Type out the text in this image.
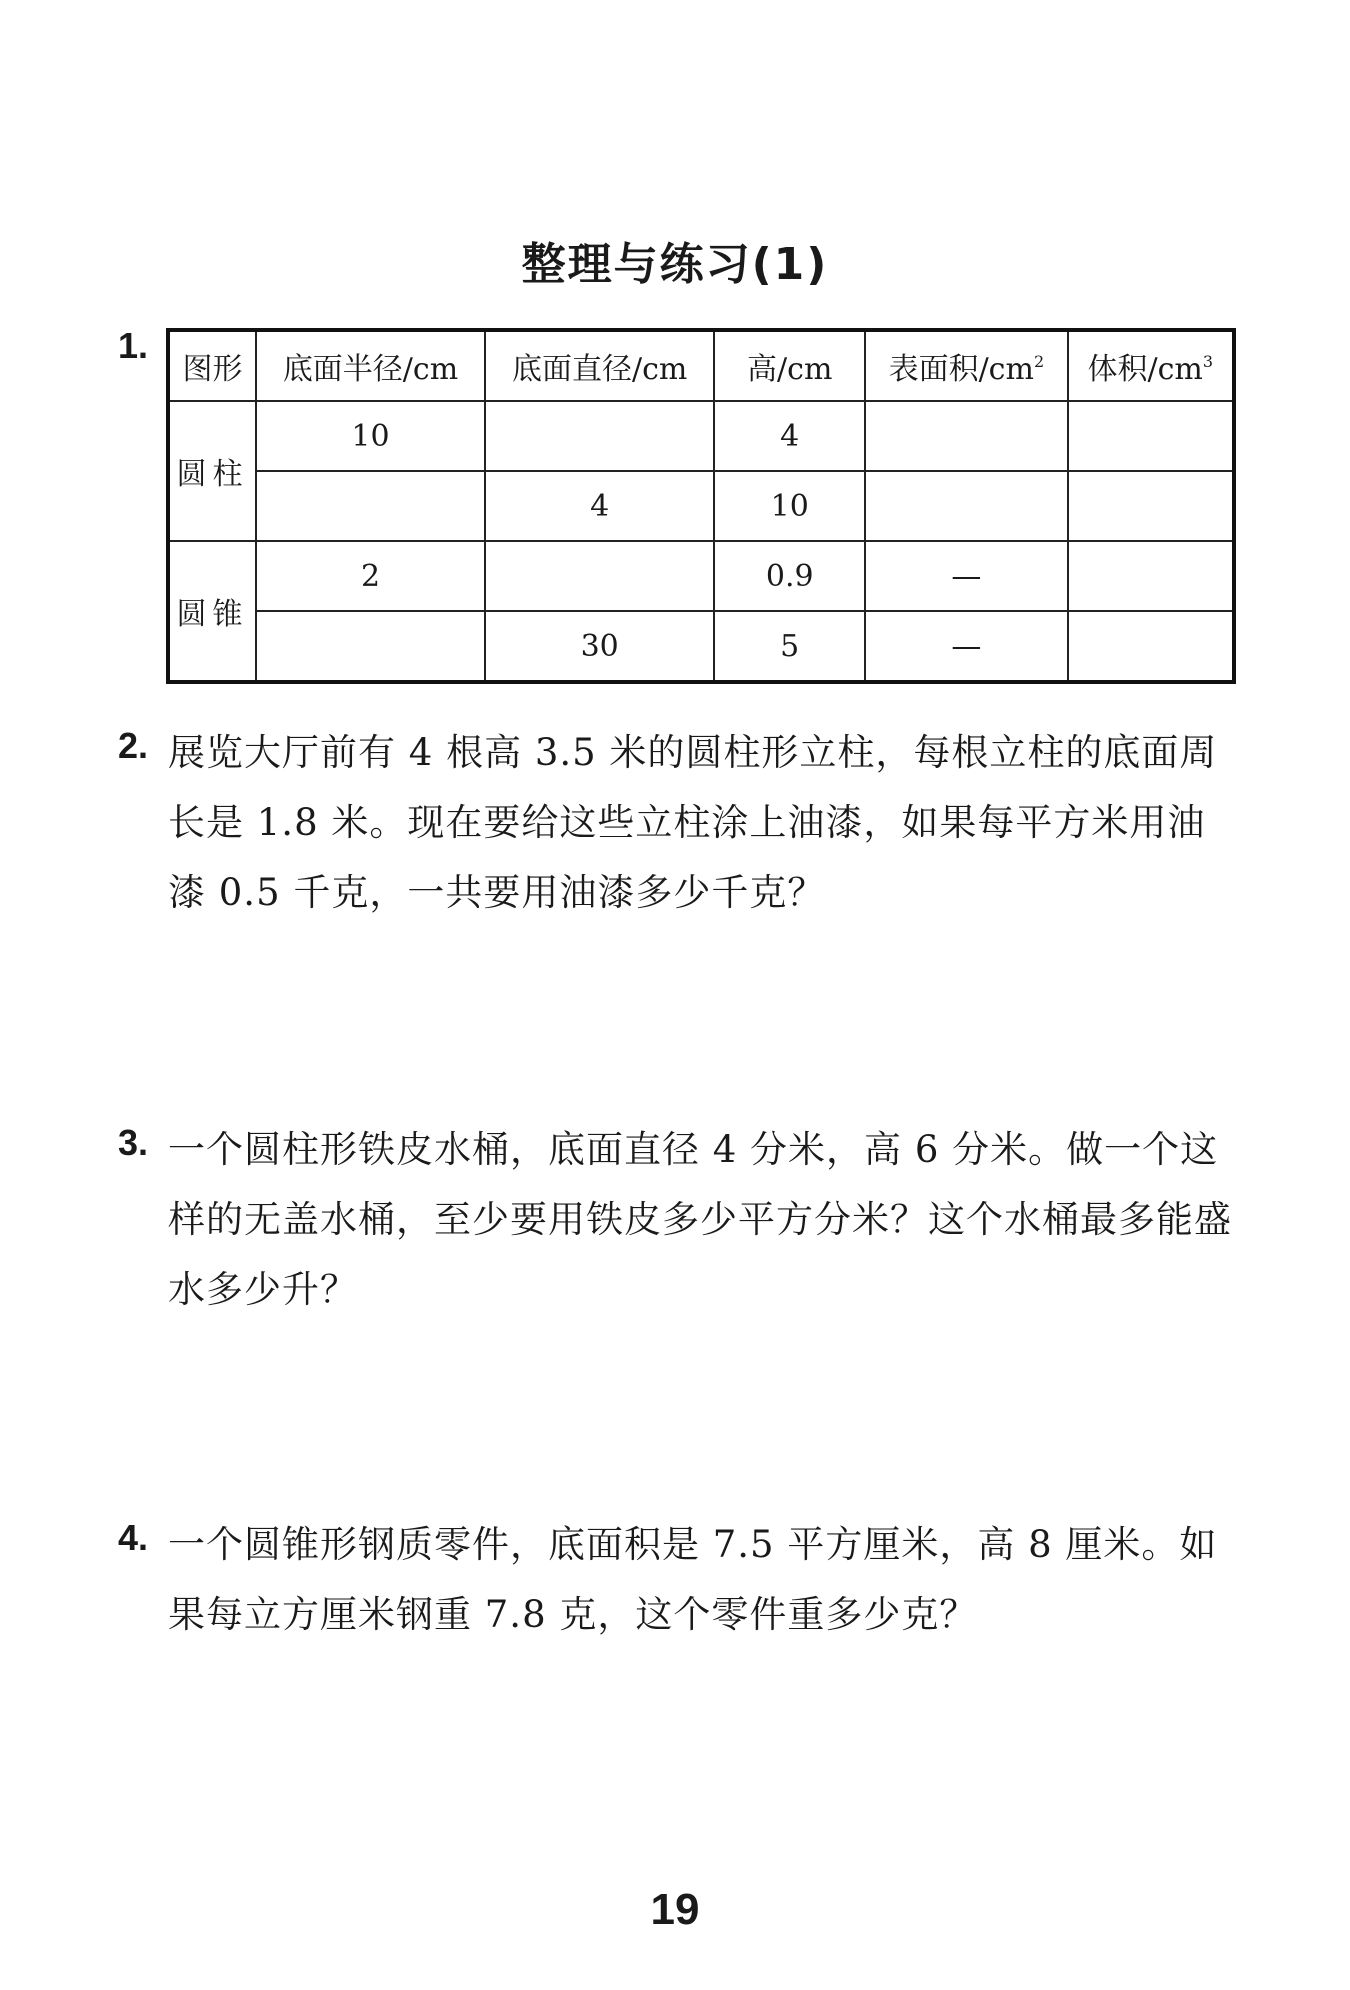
整理与练习(1)
1.
图形	底面半径/cm	底面直径/cm	高/cm	表面积$/cm^2$	体积$/cm^3$
圆柱	10		4		
		4	10		
圆锥	2		0.9	—	
		30	5	—	
2. 展览大厅前有 4 根高 3.5 米的圆柱形立柱，每根立柱的底面周长是 1.8 米。现在要给这些立柱涂上油漆，如果每平方米用油漆 0.5 千克，一共要用油漆多少千克？
3. 一个圆柱形铁皮水桶，底面直径 4 分米，高 6 分米。做一个这样的无盖水桶，至少要用铁皮多少平方分米？这个水桶最多能盛水多少升？
4. 一个圆锥形钢质零件，底面积是 7.5 平方厘米，高 8 厘米。如果每立方厘米钢重 7.8 克，这个零件重多少克？
19
